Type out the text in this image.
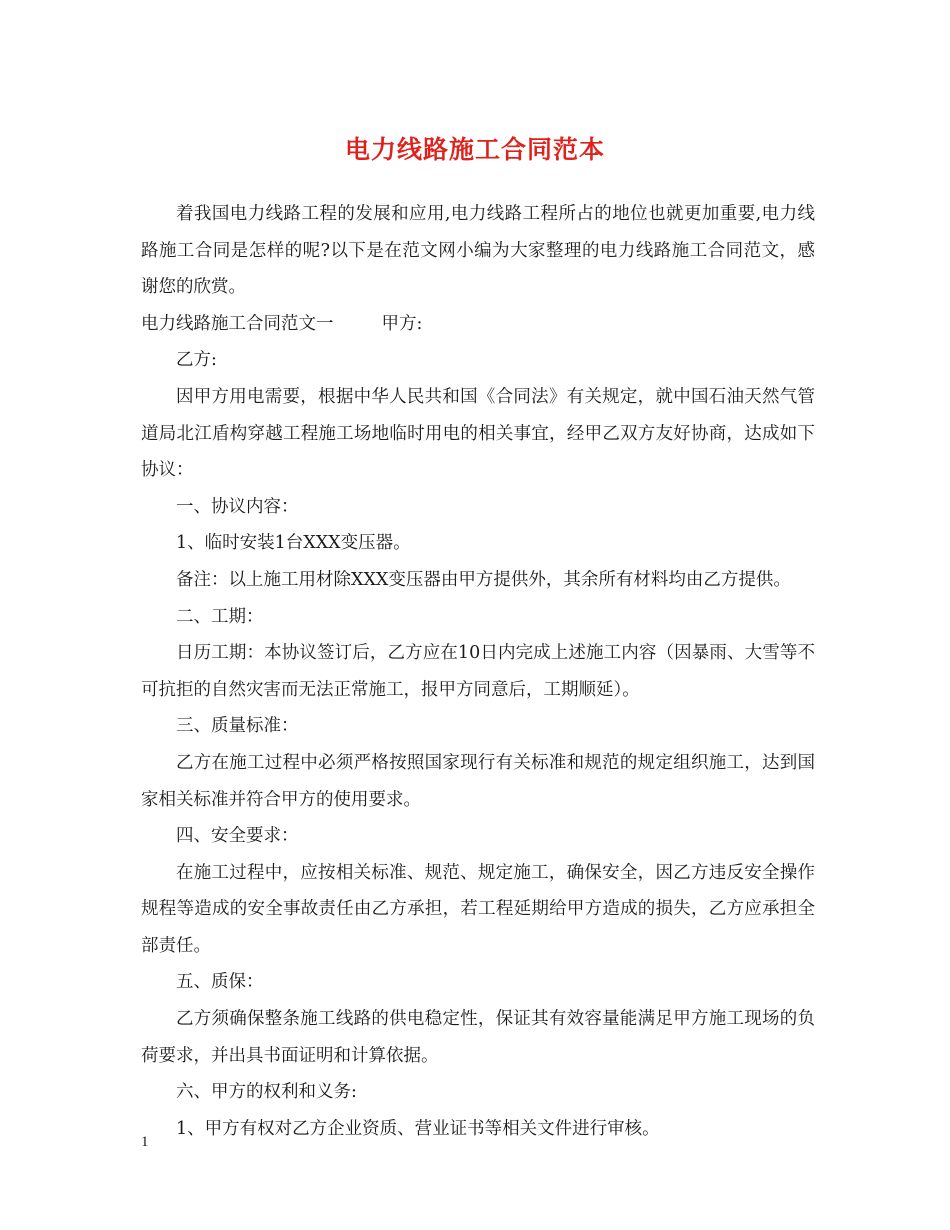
电力线路施工合同范本

着我国电力线路工程的发展和应用,电力线路工程所占的地位也就更加重要,电力线路施工合同是怎样的呢?以下是在范文网小编为大家整理的电力线路施工合同范文，感谢您的欣赏。

电力线路施工合同范文一	甲方:

乙方:

因甲方用电需要，根据中华人民共和国《合同法》有关规定，就中国石油天然气管道局北江盾构穿越工程施工场地临时用电的相关事宜，经甲乙双方友好协商，达成如下协议：

一、协议内容：

1、临时安装1台XXX变压器。

备注：以上施工用材除XXX变压器由甲方提供外，其余所有材料均由乙方提供。

二、工期：

日历工期：本协议签订后，乙方应在10日内完成上述施工内容（因暴雨、大雪等不可抗拒的自然灾害而无法正常施工，报甲方同意后，工期顺延）。

三、质量标准：

乙方在施工过程中必须严格按照国家现行有关标准和规范的规定组织施工，达到国家相关标准并符合甲方的使用要求。

四、安全要求：

在施工过程中，应按相关标准、规范、规定施工，确保安全，因乙方违反安全操作规程等造成的安全事故责任由乙方承担，若工程延期给甲方造成的损失，乙方应承担全部责任。

五、质保：

乙方须确保整条施工线路的供电稳定性，保证其有效容量能满足甲方施工现场的负荷要求，并出具书面证明和计算依据。

六、甲方的权利和义务:

1、甲方有权对乙方企业资质、营业证书等相关文件进行审核。

1
